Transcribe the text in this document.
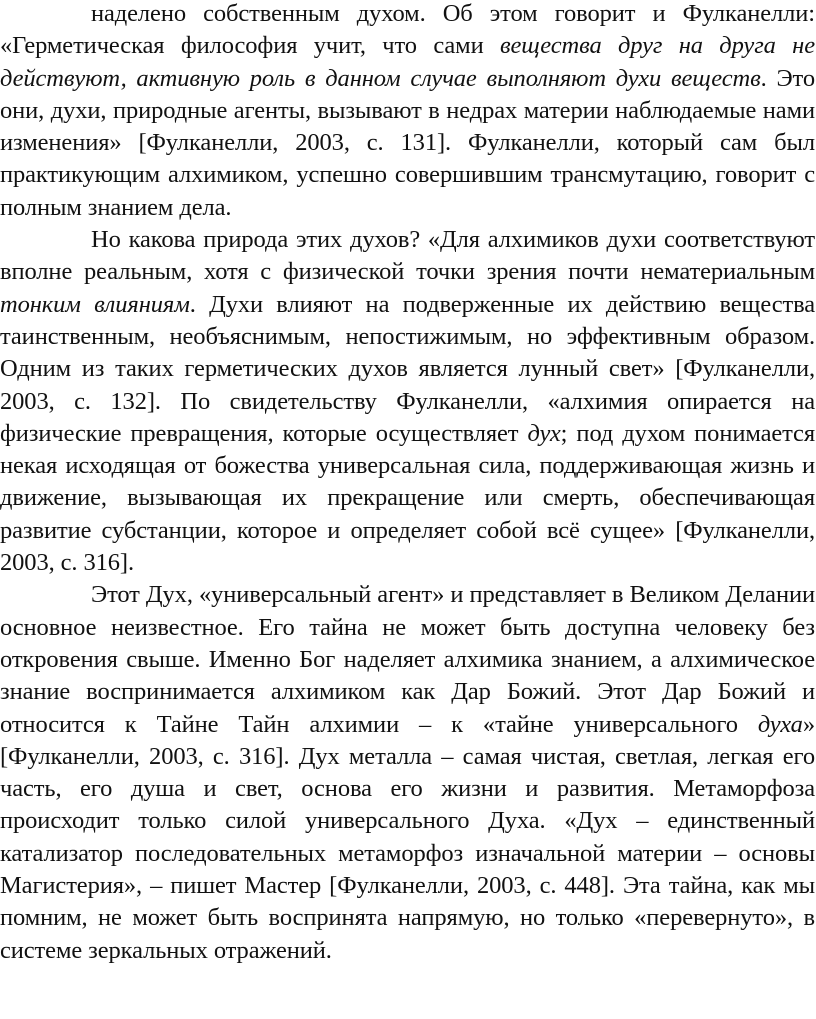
наделено собственным духом. Об этом говорит и Фулканелли: «Герметическая философия учит, что сами вещества друг на друга не действуют, активную роль в данном случае выполняют духи веществ. Это они, духи, природные агенты, вызывают в недрах материи наблюдаемые нами изменения» [Фулканелли, 2003, с. 131]. Фулканелли, который сам был практикующим алхимиком, успешно совершившим трансмутацию, говорит с полным знанием дела.

Но какова природа этих духов? «Для алхимиков духи соответствуют вполне реальным, хотя с физической точки зрения почти нематериальным тонким влияниям. Духи влияют на подверженные их действию вещества таинственным, необъяснимым, непостижимым, но эффективным образом. Одним из таких герметических духов является лунный свет» [Фулканелли, 2003, с. 132]. По свидетельству Фулканелли, «алхимия опирается на физические превращения, которые осуществляет дух; под духом понимается некая исходящая от божества универсальная сила, поддерживающая жизнь и движение, вызывающая их прекращение или смерть, обеспечивающая развитие субстанции, которое и определяет собой всё сущее» [Фулканелли, 2003, с. 316].

Этот Дух, «универсальный агент» и представляет в Великом Делании основное неизвестное. Его тайна не может быть доступна человеку без откровения свыше. Именно Бог наделяет алхимика знанием, а алхимическое знание воспринимается алхимиком как Дар Божий. Этот Дар Божий и относится к Тайне Тайн алхимии – к «тайне универсального духа» [Фулканелли, 2003, с. 316]. Дух металла – самая чистая, светлая, легкая его часть, его душа и свет, основа его жизни и развития. Метаморфоза происходит только силой универсального Духа. «Дух – единственный катализатор последовательных метаморфоз изначальной материи – основы Магистерия», – пишет Мастер [Фулканелли, 2003, с. 448]. Эта тайна, как мы помним, не может быть воспринята напрямую, но только «перевернуто», в системе зеркальных отражений.
